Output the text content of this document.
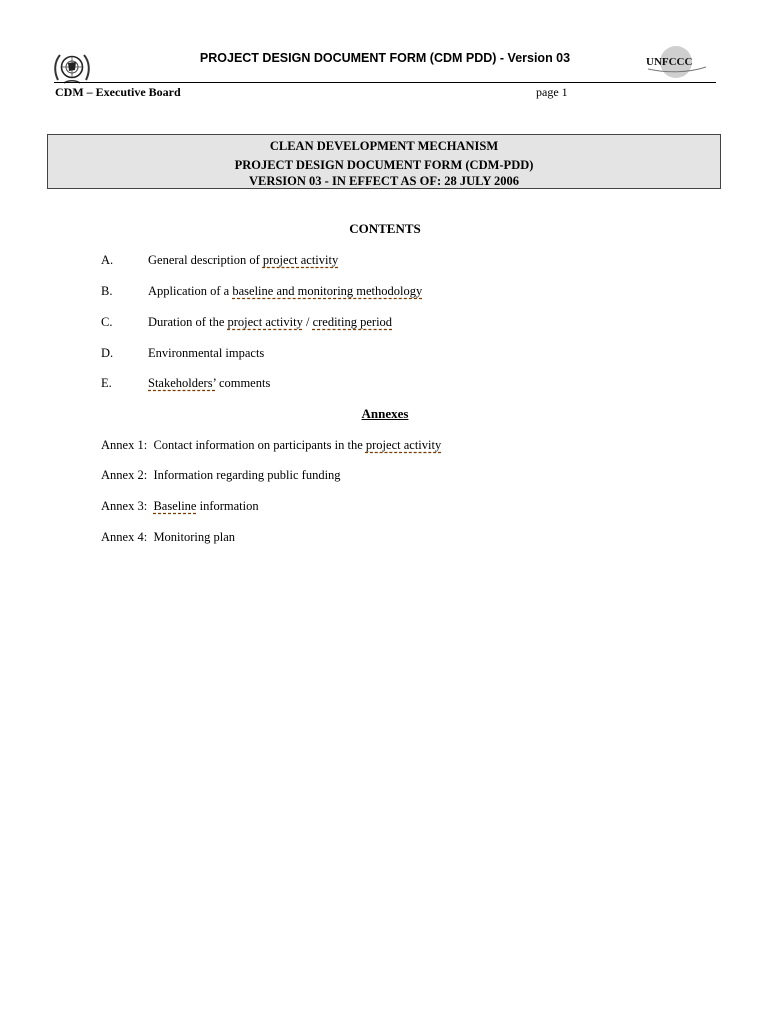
PROJECT DESIGN DOCUMENT FORM (CDM PDD) - Version 03	UNFCCC
CDM – Executive Board	page 1
CLEAN DEVELOPMENT MECHANISM
PROJECT DESIGN DOCUMENT FORM (CDM-PDD)
VERSION 03 - IN EFFECT AS OF: 28 JULY 2006
CONTENTS
A.	General description of project activity
B.	Application of a baseline and monitoring methodology
C.	Duration of the project activity / crediting period
D.	Environmental impacts
E.	Stakeholders’ comments
Annexes
Annex 1: Contact information on participants in the project activity
Annex 2: Information regarding public funding
Annex 3: Baseline information
Annex 4: Monitoring plan
